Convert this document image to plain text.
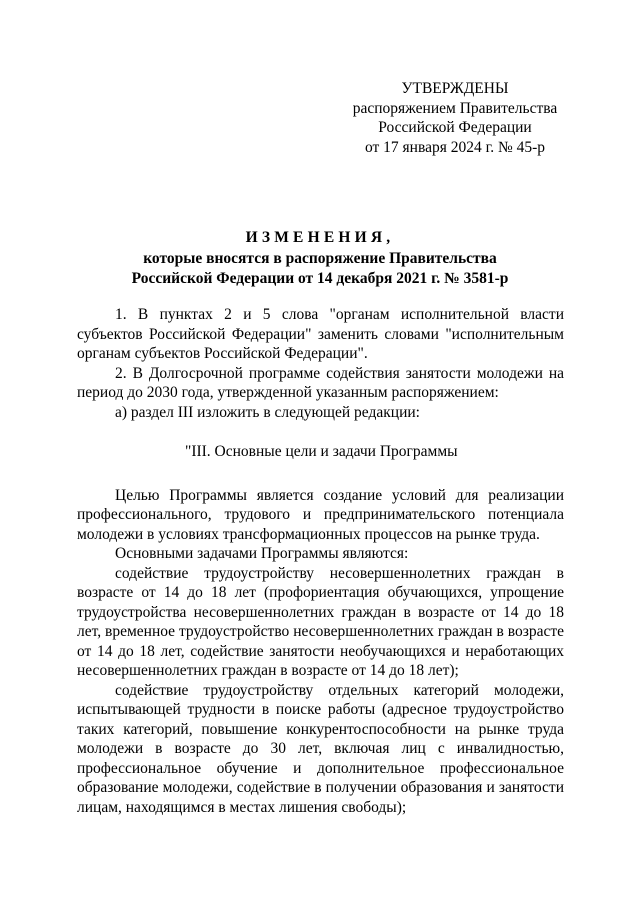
УТВЕРЖДЕНЫ
распоряжением Правительства
Российской Федерации
от 17 января 2024 г. № 45-р
ИЗМЕНЕНИЯ,
которые вносятся в распоряжение Правительства
Российской Федерации от 14 декабря 2021 г. № 3581-р

1. В пунктах 2 и 5 слова "органам исполнительной власти субъектов Российской Федерации" заменить словами "исполнительным органам субъектов Российской Федерации".

2. В Долгосрочной программе содействия занятости молодежи на период до 2030 года, утвержденной указанным распоряжением:

а) раздел III изложить в следующей редакции:

"III. Основные цели и задачи Программы

Целью Программы является создание условий для реализации профессионального, трудового и предпринимательского потенциала молодежи в условиях трансформационных процессов на рынке труда.

Основными задачами Программы являются:

содействие трудоустройству несовершеннолетних граждан в возрасте от 14 до 18 лет (профориентация обучающихся, упрощение трудоустройства несовершеннолетних граждан в возрасте от 14 до 18 лет, временное трудоустройство несовершеннолетних граждан в возрасте от 14 до 18 лет, содействие занятости необучающихся и неработающих несовершеннолетних граждан в возрасте от 14 до 18 лет);

содействие трудоустройству отдельных категорий молодежи, испытывающей трудности в поиске работы (адресное трудоустройство таких категорий, повышение конкурентоспособности на рынке труда молодежи в возрасте до 30 лет, включая лиц с инвалидностью, профессиональное обучение и дополнительное профессиональное образование молодежи, содействие в получении образования и занятости лицам, находящимся в местах лишения свободы);
